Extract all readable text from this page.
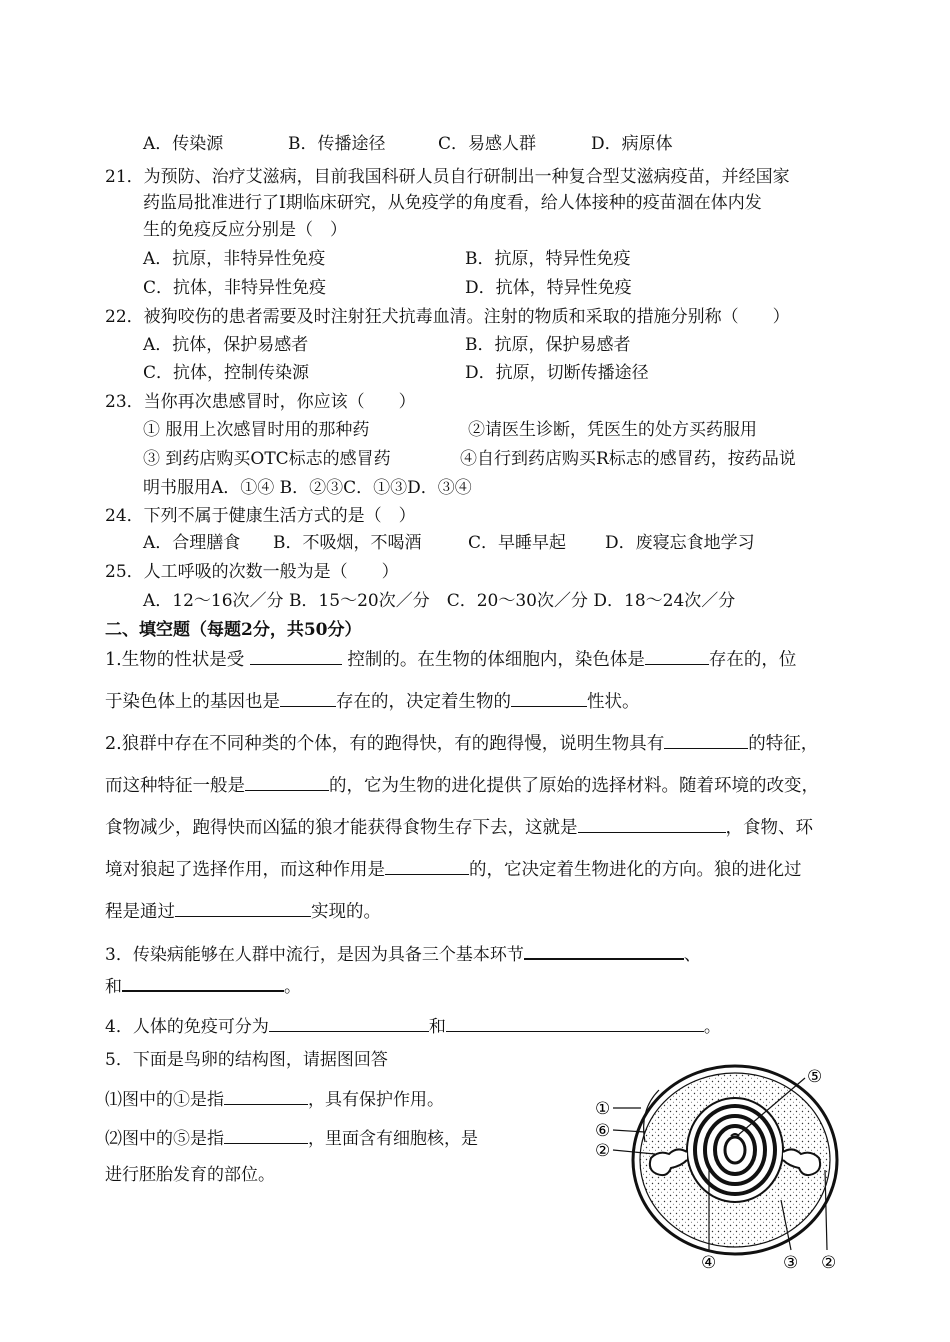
A．传染源	B．传播途径	C．易感人群	D．病原体
21．为预防、治疗艾滋病，目前我国科研人员自行研制出一种复合型艾滋病疫苗，并经国家
药监局批准进行了Ⅰ期临床研究，从免疫学的角度看，给人体接种的疫苗涸在体内发
生的免疫反应分别是（　）
A．抗原，非特异性免疫	B．抗原，特异性免疫
C．抗体，非特异性免疫	D．抗体，特异性免疫
22．被狗咬伤的患者需要及时注射狂犬抗毒血清。注射的物质和采取的措施分别称（　　）
A．抗体，保护易感者	B．抗原，保护易感者
C．抗体，控制传染源	D．抗原，切断传播途径
23．当你再次患感冒时，你应该（　　）
① 服用上次感冒时用的那种药	②请医生诊断，凭医生的处方买药服用
③ 到药店购买OTC标志的感冒药	④自行到药店购买R标志的感冒药，按药品说
明书服用A．①④ B．②③C．①③D．③④
24．下列不属于健康生活方式的是（　）
A．合理膳食 B．不吸烟，不喝酒	C．早睡早起 D．废寝忘食地学习
25．人工呼吸的次数一般为是（　　）
A．12～16次／分 B．15～20次／分　C．20～30次／分 D．18～24次／分
二、填空题（每题2分，共50分）
1.生物的性状是受	控制的。在生物的体细胞内，染色体是	存在的，位
于染色体上的基因也是	存在的，决定着生物的	性状。
2.狼群中存在不同种类的个体，有的跑得快，有的跑得慢，说明生物具有	的特征，
而这种特征一般是	的，它为生物的进化提供了原始的选择材料。随着环境的改变，
食物减少，跑得快而凶猛的狼才能获得食物生存下去，这就是	，食物、环
境对狼起了选择作用，而这种作用是	的，它决定着生物进化的方向。狼的进化过
程是通过	实现的。
3．传染病能够在人群中流行，是因为具备三个基本环节	、
和	。
4．人体的免疫可分为	和	。
5．下面是鸟卵的结构图，请据图回答
⑴图中的①是指	，具有保护作用。
⑵图中的⑤是指	，里面含有细胞核，是
进行胚胎发育的部位。
①
⑥
②
⑤
④	③ ②
